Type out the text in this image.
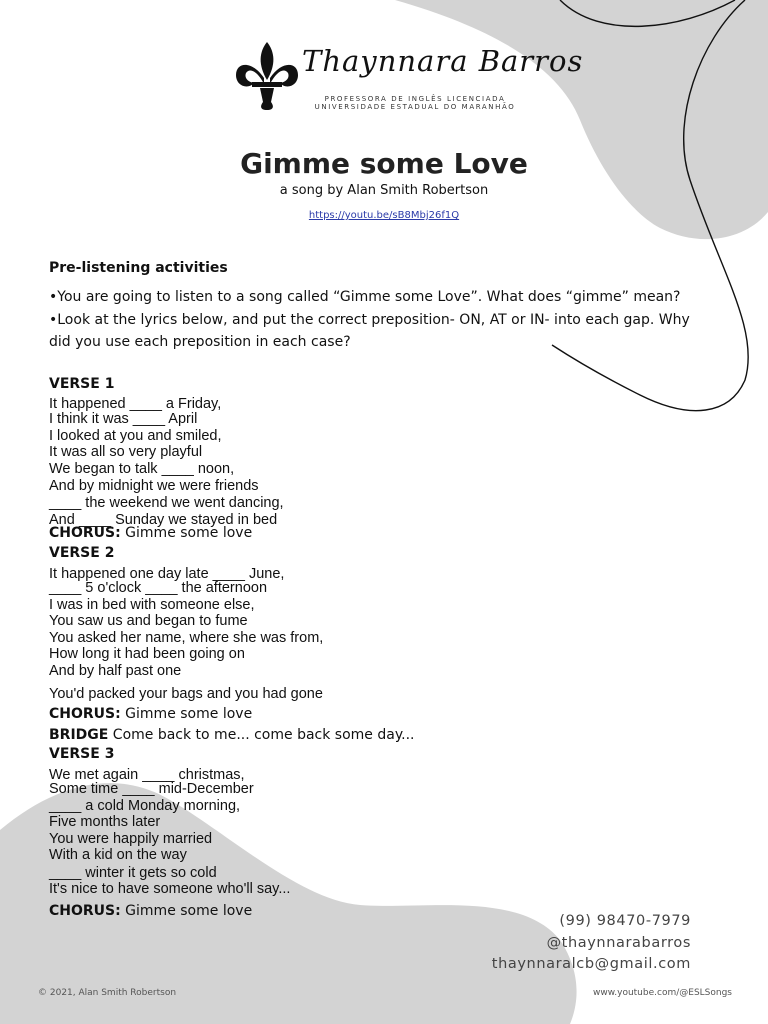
Thaynnara Barros
PROFESSORA DE INGLÊS LICENCIADA
UNIVERSIDADE ESTADUAL DO MARANHÃO
Gimme some Love
a song by Alan Smith Robertson
https://youtu.be/sB8Mbj26f1Q
Pre-listening activities
•You are going to listen to a song called “Gimme some Love”. What does “gimme” mean?
•Look at the lyrics below, and put the correct preposition- ON, AT or IN- into each gap. Why
did you use each preposition in each case?
VERSE 1
It happened ____ a Friday,
I think it was ____ April
I looked at you and smiled,
It was all so very playful
We began to talk ____ noon,
And by midnight we were friends
____ the weekend we went dancing,
And ____ Sunday we stayed in bed
CHORUS: Gimme some love
VERSE 2
It happened one day late ____ June,
____ 5 o'clock ____ the afternoon
I was in bed with someone else,
You saw us and began to fume
You asked her name, where she was from,
How long it had been going on
And by half past one
You'd packed your bags and you had gone
CHORUS: Gimme some love
BRIDGE Come back to me... come back some day...
VERSE 3
We met again ____ christmas,
Some time ____ mid-December
____ a cold Monday morning,
Five months later
You were happily married
With a kid on the way
____ winter it gets so cold
It's nice to have someone who'll say...
CHORUS: Gimme some love
(99) 98470-7979
@thaynnarabarros
thaynnaralcb@gmail.com
© 2021, Alan Smith Robertson	www.youtube.com/@ESLSongs
